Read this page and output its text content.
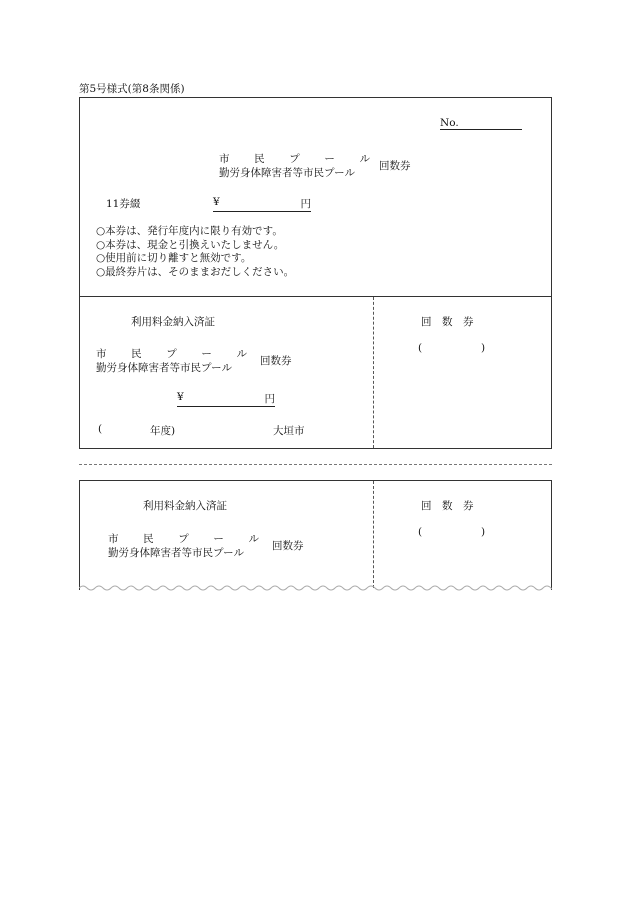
第5号様式(第8条関係)
No.
市 民 プ ー ル
勤労身体障害者等市民プール
回数券
11券綴	¥	円
○本券は、発行年度内に限り有効です。
○本券は、現金と引換えいたしません。
○使用前に切り離すと無効です。
○最終券片は、そのままおだしください。
利用料金納入済証
市 民 プ ー ル
勤労身体障害者等市民プール
回数券
¥	円
(	年度)	大垣市
回　数　券
(	)
利用料金納入済証
市 民 プ ー ル
勤労身体障害者等市民プール
回数券
回　数　券
(	)
